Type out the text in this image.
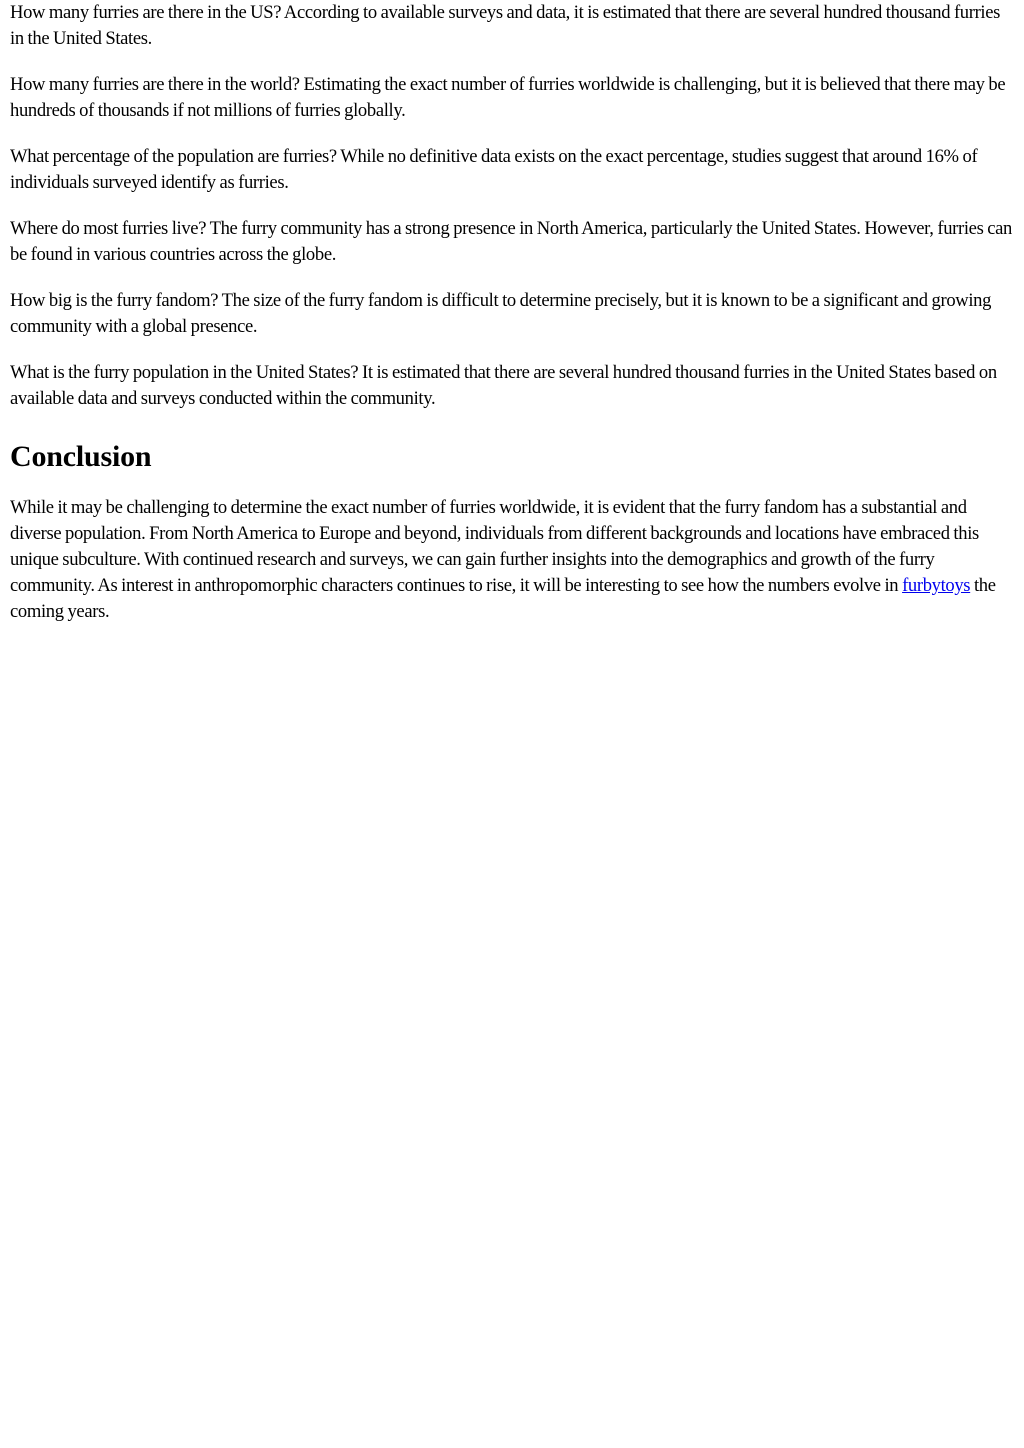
How many furries are there in the US? According to available surveys and data, it is estimated that there are several hundred thousand furries in the United States.

How many furries are there in the world? Estimating the exact number of furries worldwide is challenging, but it is believed that there may be hundreds of thousands if not millions of furries globally.

What percentage of the population are furries? While no definitive data exists on the exact percentage, studies suggest that around 16% of individuals surveyed identify as furries.

Where do most furries live? The furry community has a strong presence in North America, particularly the United States. However, furries can be found in various countries across the globe.

How big is the furry fandom? The size of the furry fandom is difficult to determine precisely, but it is known to be a significant and growing community with a global presence.

What is the furry population in the United States? It is estimated that there are several hundred thousand furries in the United States based on available data and surveys conducted within the community.

Conclusion

While it may be challenging to determine the exact number of furries worldwide, it is evident that the furry fandom has a substantial and diverse population. From North America to Europe and beyond, individuals from different backgrounds and locations have embraced this unique subculture. With continued research and surveys, we can gain further insights into the demographics and growth of the furry community. As interest in anthropomorphic characters continues to rise, it will be interesting to see how the numbers evolve in furbytoys the coming years.
